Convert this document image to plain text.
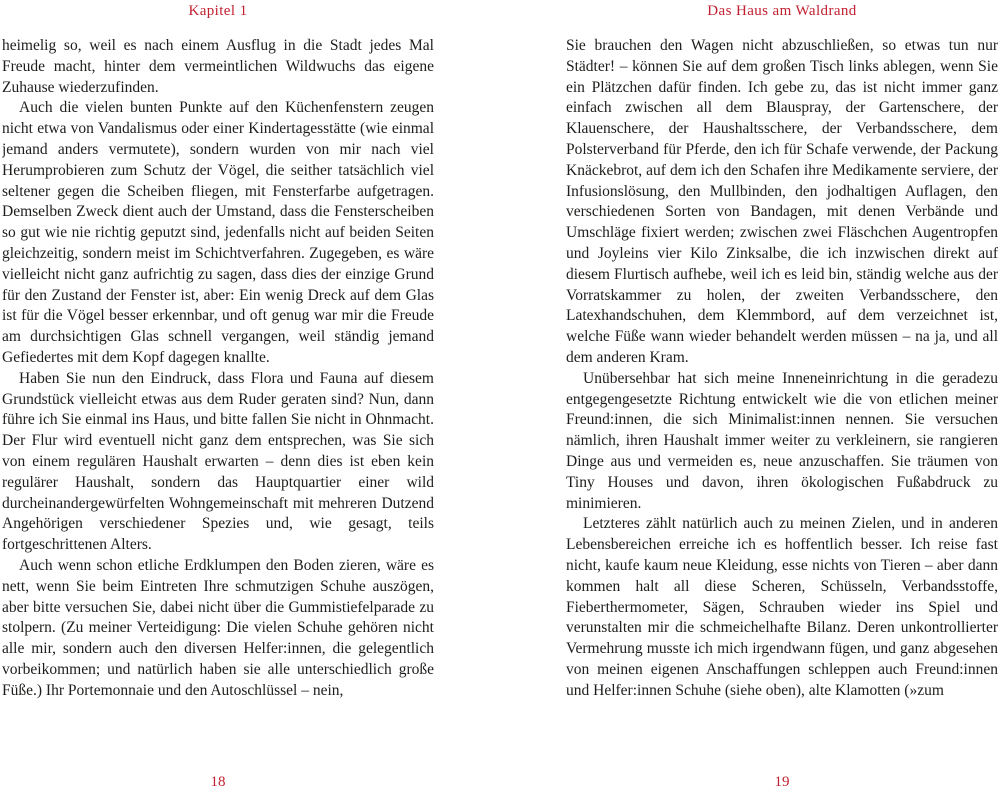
Kapitel 1

heimelig so, weil es nach einem Ausflug in die Stadt jedes Mal Freude macht, hinter dem vermeintlichen Wildwuchs das eigene Zuhause wiederzufinden.

Auch die vielen bunten Punkte auf den Küchenfenstern zeugen nicht etwa von Vandalismus oder einer Kindertagesstätte (wie einmal jemand anders vermutete), sondern wurden von mir nach viel Herumprobieren zum Schutz der Vögel, die seither tatsächlich viel seltener gegen die Scheiben fliegen, mit Fensterfarbe aufgetragen. Demselben Zweck dient auch der Umstand, dass die Fensterscheiben so gut wie nie richtig geputzt sind, jedenfalls nicht auf beiden Seiten gleichzeitig, sondern meist im Schichtverfahren. Zugegeben, es wäre vielleicht nicht ganz aufrichtig zu sagen, dass dies der einzige Grund für den Zustand der Fenster ist, aber: Ein wenig Dreck auf dem Glas ist für die Vögel besser erkennbar, und oft genug war mir die Freude am durchsichtigen Glas schnell vergangen, weil ständig jemand Gefiedertes mit dem Kopf dagegen knallte.

Haben Sie nun den Eindruck, dass Flora und Fauna auf diesem Grundstück vielleicht etwas aus dem Ruder geraten sind? Nun, dann führe ich Sie einmal ins Haus, und bitte fallen Sie nicht in Ohnmacht. Der Flur wird eventuell nicht ganz dem entsprechen, was Sie sich von einem regulären Haushalt erwarten – denn dies ist eben kein regulärer Haushalt, sondern das Hauptquartier einer wild durcheinandergewürfelten Wohngemeinschaft mit mehreren Dutzend Angehörigen verschiedener Spezies und, wie gesagt, teils fortgeschrittenen Alters.

Auch wenn schon etliche Erdklumpen den Boden zieren, wäre es nett, wenn Sie beim Eintreten Ihre schmutzigen Schuhe auszögen, aber bitte versuchen Sie, dabei nicht über die Gummistiefelparade zu stolpern. (Zu meiner Verteidigung: Die vielen Schuhe gehören nicht alle mir, sondern auch den diversen Helfer:innen, die gelegentlich vorbeikommen; und natürlich haben sie alle unterschiedlich große Füße.) Ihr Portemonnaie und den Autoschlüssel – nein,

18
Das Haus am Waldrand

Sie brauchen den Wagen nicht abzuschließen, so etwas tun nur Städter! – können Sie auf dem großen Tisch links ablegen, wenn Sie ein Plätzchen dafür finden. Ich gebe zu, das ist nicht immer ganz einfach zwischen all dem Blauspray, der Gartenschere, der Klauenschere, der Haushaltsschere, der Verbandsschere, dem Polsterverband für Pferde, den ich für Schafe verwende, der Packung Knäckebrot, auf dem ich den Schafen ihre Medikamente serviere, der Infusionslösung, den Mullbinden, den jodhaltigen Auflagen, den verschiedenen Sorten von Bandagen, mit denen Verbände und Umschläge fixiert werden; zwischen zwei Fläschchen Augentropfen und Joyleins vier Kilo Zinksalbe, die ich inzwischen direkt auf diesem Flurtisch aufhebe, weil ich es leid bin, ständig welche aus der Vorratskammer zu holen, der zweiten Verbandsschere, den Latexhandschuhen, dem Klemmbord, auf dem verzeichnet ist, welche Füße wann wieder behandelt werden müssen – na ja, und all dem anderen Kram.

Unübersehbar hat sich meine Inneneinrichtung in die geradezu entgegengesetzte Richtung entwickelt wie die von etlichen meiner Freund:innen, die sich Minimalist:innen nennen. Sie versuchen nämlich, ihren Haushalt immer weiter zu verkleinern, sie rangieren Dinge aus und vermeiden es, neue anzuschaffen. Sie träumen von Tiny Houses und davon, ihren ökologischen Fußabdruck zu minimieren.

Letzteres zählt natürlich auch zu meinen Zielen, und in anderen Lebensbereichen erreiche ich es hoffentlich besser. Ich reise fast nicht, kaufe kaum neue Kleidung, esse nichts von Tieren – aber dann kommen halt all diese Scheren, Schüsseln, Verbandsstoffe, Fieberthermometer, Sägen, Schrauben wieder ins Spiel und verunstalten mir die schmeichelhafte Bilanz. Deren unkontrollierter Vermehrung musste ich mich irgendwann fügen, und ganz abgesehen von meinen eigenen Anschaffungen schleppen auch Freund:innen und Helfer:innen Schuhe (siehe oben), alte Klamotten (»zum

19
